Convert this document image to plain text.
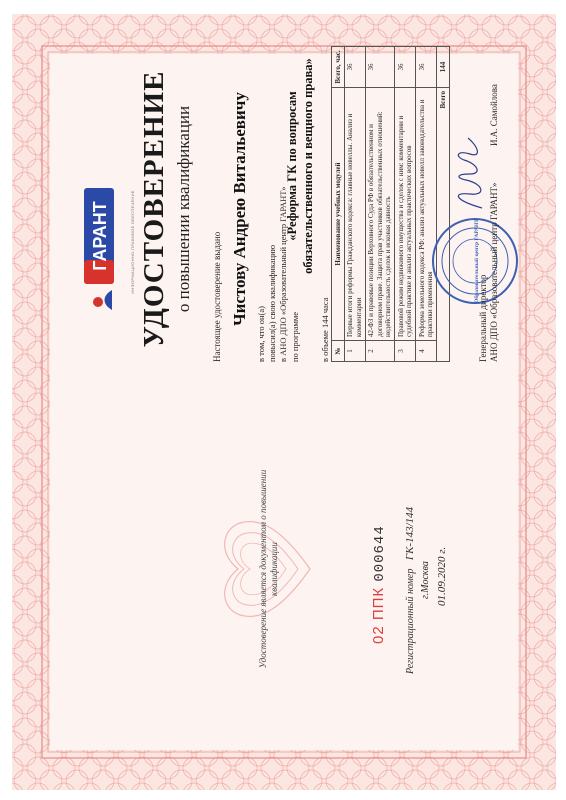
Удостоверение является документом о повышении квалификации
02 ППК 000644
Регистрационный номер ГК-143/144
г.Москва 01.09.2020 г.
ГАРАНТ	ИНФОРМАЦИОННО-ПРАВОВОЕ ОБЕСПЕЧЕНИЕ УДОСТОВЕРЕНИЕ о повышении квалификации Настоящее удостоверение выдано Чистову Андрею Витальевичу
в том, что он(а) повысил(а) свою квалификацию в АНО ДПО «Образовательный центр ГАРАНТ» по программе
«Реформа ГК по вопросам обязательственного и вещного права»
в объеме 144 часа №	Наименование учебных модулей	Всего, час.
1	Первые итоги реформы Гражданского кодекса: главные новеллы. Анализ и комментарии	36
2	42-ФЗ и правовые позиции Верховного Суда РФ в обязательственном и договорном праве. Защита прав участников обязательственных отношений: недействительность сделок и исковая давность	36
3	Правовой режим недвижимого имущества и сделок с ним: комментарии и судебной практике и анализ актуальных практических вопросов	36
4	Реформа земельного кодекса РФ: анализ актуальных новелл законодательства и практики применения	36
Всего		144
Образовательный центр ГАРАНТ
Генеральный директор АНО ДПО «Образовательный центр ГАРАНТ»
И.А. Самойлова
